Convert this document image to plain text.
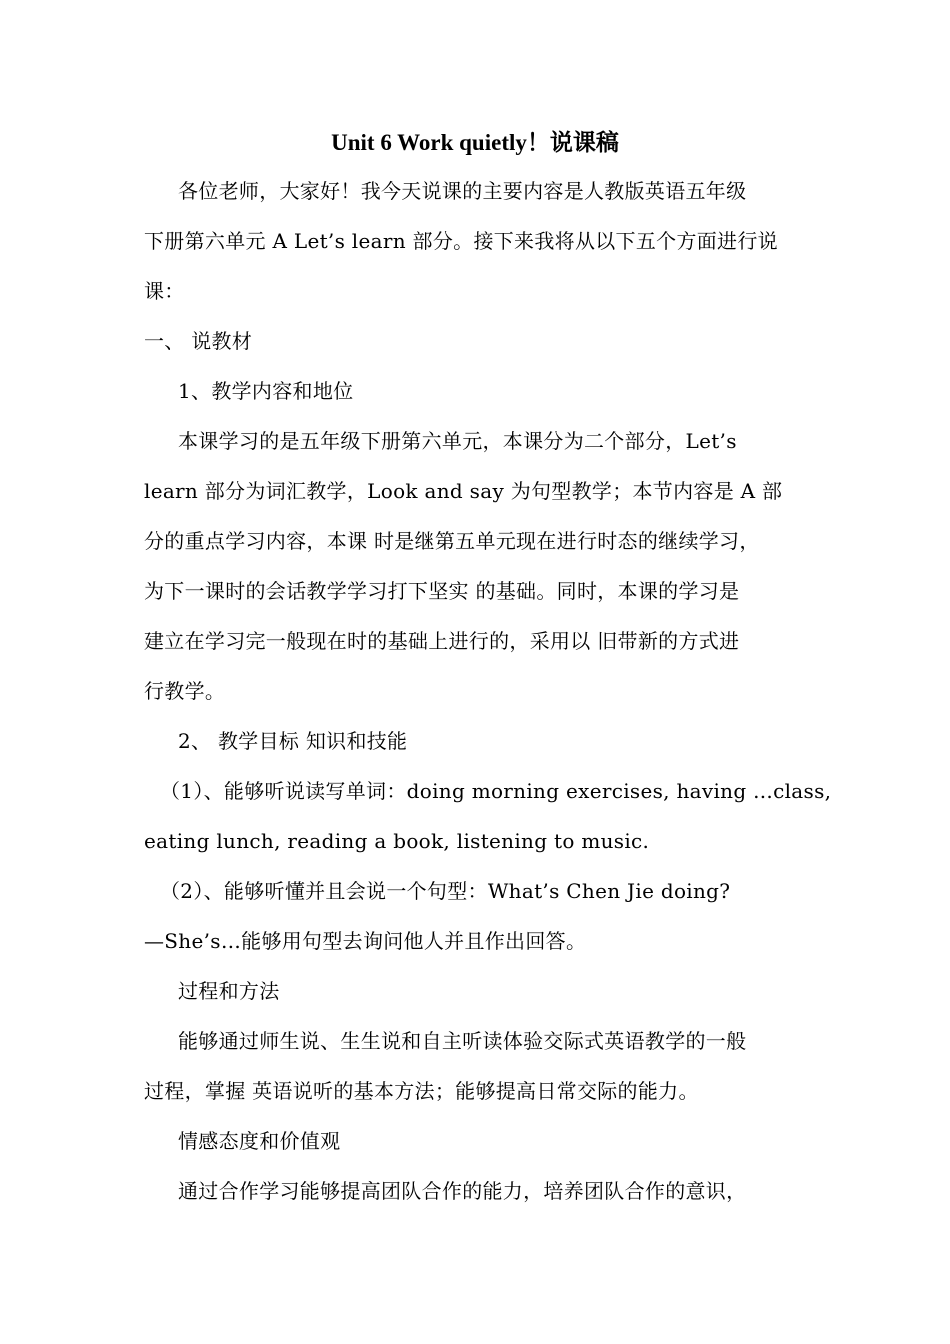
Unit 6 Work quietly！说课稿
各位老师，大家好！我今天说课的主要内容是人教版英语五年级
下册第六单元 A Let’s learn 部分。接下来我将从以下五个方面进行说
课：
一、 说教材
1、教学内容和地位
本课学习的是五年级下册第六单元，本课分为二个部分，Let’s
learn 部分为词汇教学，Look and say 为句型教学；本节内容是 A 部
分的重点学习内容，本课 时是继第五单元现在进行时态的继续学习，
为下一课时的会话教学学习打下坚实 的基础。同时，本课的学习是
建立在学习完一般现在时的基础上进行的，采用以 旧带新的方式进
行教学。
2、 教学目标 知识和技能
（1）、能够听说读写单词：doing morning exercises, having ...class,
eating lunch, reading a book, listening to music.
（2）、能够听懂并且会说一个句型：What’s Chen Jie doing?
—She’s…能够用句型去询问他人并且作出回答。
过程和方法
能够通过师生说、生生说和自主听读体验交际式英语教学的一般
过程，掌握 英语说听的基本方法；能够提高日常交际的能力。
情感态度和价值观
通过合作学习能够提高团队合作的能力，培养团队合作的意识，
